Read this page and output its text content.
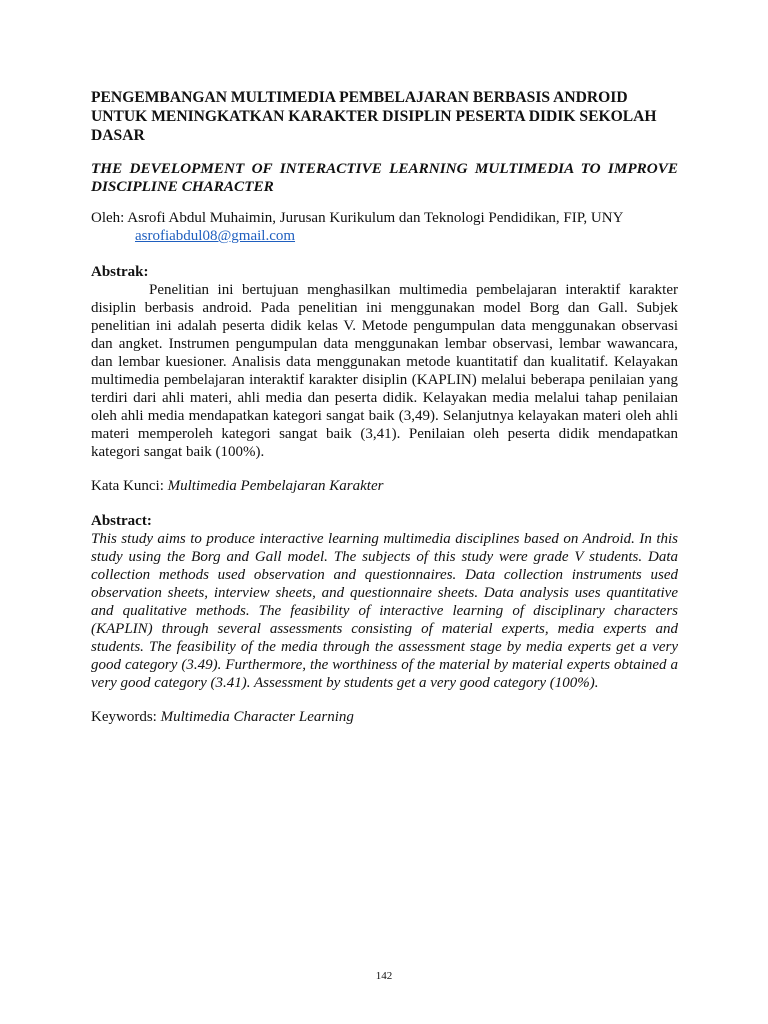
PENGEMBANGAN MULTIMEDIA PEMBELAJARAN BERBASIS ANDROID UNTUK MENINGKATKAN KARAKTER DISIPLIN PESERTA DIDIK SEKOLAH DASAR

THE DEVELOPMENT OF INTERACTIVE LEARNING MULTIMEDIA TO IMPROVE DISCIPLINE CHARACTER

Oleh: Asrofi Abdul Muhaimin, Jurusan Kurikulum dan Teknologi Pendidikan, FIP, UNY
asrofiabdul08@gmail.com

Abstrak:

Penelitian ini bertujuan menghasilkan multimedia pembelajaran interaktif karakter disiplin berbasis android. Pada penelitian ini menggunakan model Borg dan Gall. Subjek penelitian ini adalah peserta didik kelas V. Metode pengumpulan data menggunakan observasi dan angket. Instrumen pengumpulan data menggunakan lembar observasi, lembar wawancara, dan lembar kuesioner. Analisis data menggunakan metode kuantitatif dan kualitatif. Kelayakan multimedia pembelajaran interaktif karakter disiplin (KAPLIN) melalui beberapa penilaian yang terdiri dari ahli materi, ahli media dan peserta didik. Kelayakan media melalui tahap penilaian oleh ahli media mendapatkan kategori sangat baik (3,49). Selanjutnya kelayakan materi oleh ahli materi memperoleh kategori sangat baik (3,41). Penilaian oleh peserta didik mendapatkan kategori sangat baik (100%).

Kata Kunci: Multimedia Pembelajaran Karakter

Abstract:

This study aims to produce interactive learning multimedia disciplines based on Android. In this study using the Borg and Gall model. The subjects of this study were grade V students. Data collection methods used observation and questionnaires. Data collection instruments used observation sheets, interview sheets, and questionnaire sheets. Data analysis uses quantitative and qualitative methods. The feasibility of interactive learning of disciplinary characters (KAPLIN) through several assessments consisting of material experts, media experts and students. The feasibility of the media through the assessment stage by media experts get a very good category (3.49). Furthermore, the worthiness of the material by material experts obtained a very good category (3.41). Assessment by students get a very good category (100%).

Keywords: Multimedia Character Learning

142
